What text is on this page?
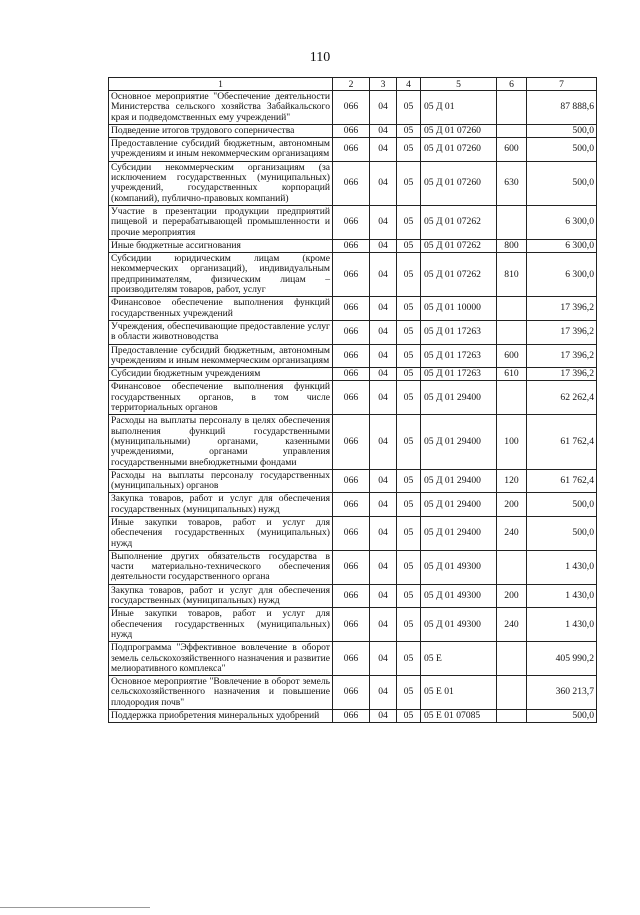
110
1	2	3	4	5	6	7
Основное мероприятие "Обеспечение деятельности Министерства сельского хозяйства Забайкальского края и подведомственных ему учреждений"	066	04	05	05 Д 01		87 888,6
Подведение итогов трудового соперничества	066	04	05	05 Д 01 07260		500,0
Предоставление субсидий бюджетным, автономным учреждениям и иным некоммерческим организациям	066	04	05	05 Д 01 07260	600	500,0
Субсидии некоммерческим организациям (за исключением государственных (муниципальных) учреждений, государственных корпораций (компаний), публично-правовых компаний)	066	04	05	05 Д 01 07260	630	500,0
Участие в презентации продукции предприятий пищевой и перерабатывающей промышленности и прочие мероприятия	066	04	05	05 Д 01 07262		6 300,0
Иные бюджетные ассигнования	066	04	05	05 Д 01 07262	800	6 300,0
Субсидии юридическим лицам (кроме некоммерческих организаций), индивидуальным предпринимателям, физическим лицам – производителям товаров, работ, услуг	066	04	05	05 Д 01 07262	810	6 300,0
Финансовое обеспечение выполнения функций государственных учреждений	066	04	05	05 Д 01 10000		17 396,2
Учреждения, обеспечивающие предоставление услуг в области животноводства	066	04	05	05 Д 01 17263		17 396,2
Предоставление субсидий бюджетным, автономным учреждениям и иным некоммерческим организациям	066	04	05	05 Д 01 17263	600	17 396,2
Субсидии бюджетным учреждениям	066	04	05	05 Д 01 17263	610	17 396,2
Финансовое обеспечение выполнения функций государственных органов, в том числе территориальных органов	066	04	05	05 Д 01 29400		62 262,4
Расходы на выплаты персоналу в целях обеспечения выполнения функций государственными (муниципальными) органами, казенными учреждениями, органами управления государственными внебюджетными фондами	066	04	05	05 Д 01 29400	100	61 762,4
Расходы на выплаты персоналу государственных (муниципальных) органов	066	04	05	05 Д 01 29400	120	61 762,4
Закупка товаров, работ и услуг для обеспечения государственных (муниципальных) нужд	066	04	05	05 Д 01 29400	200	500,0
Иные закупки товаров, работ и услуг для обеспечения государственных (муниципальных) нужд	066	04	05	05 Д 01 29400	240	500,0
Выполнение других обязательств государства в части материально-технического обеспечения деятельности государственного органа	066	04	05	05 Д 01 49300		1 430,0
Закупка товаров, работ и услуг для обеспечения государственных (муниципальных) нужд	066	04	05	05 Д 01 49300	200	1 430,0
Иные закупки товаров, работ и услуг для обеспечения государственных (муниципальных) нужд	066	04	05	05 Д 01 49300	240	1 430,0
Подпрограмма "Эффективное вовлечение в оборот земель сельскохозяйственного назначения и развитие мелиоративного комплекса"	066	04	05	05 Е		405 990,2
Основное мероприятие "Вовлечение в оборот земель сельскохозяйственного назначения и повышение плодородия почв"	066	04	05	05 Е 01		360 213,7
Поддержка приобретения минеральных удобрений	066	04	05	05 Е 01 07085		500,0
